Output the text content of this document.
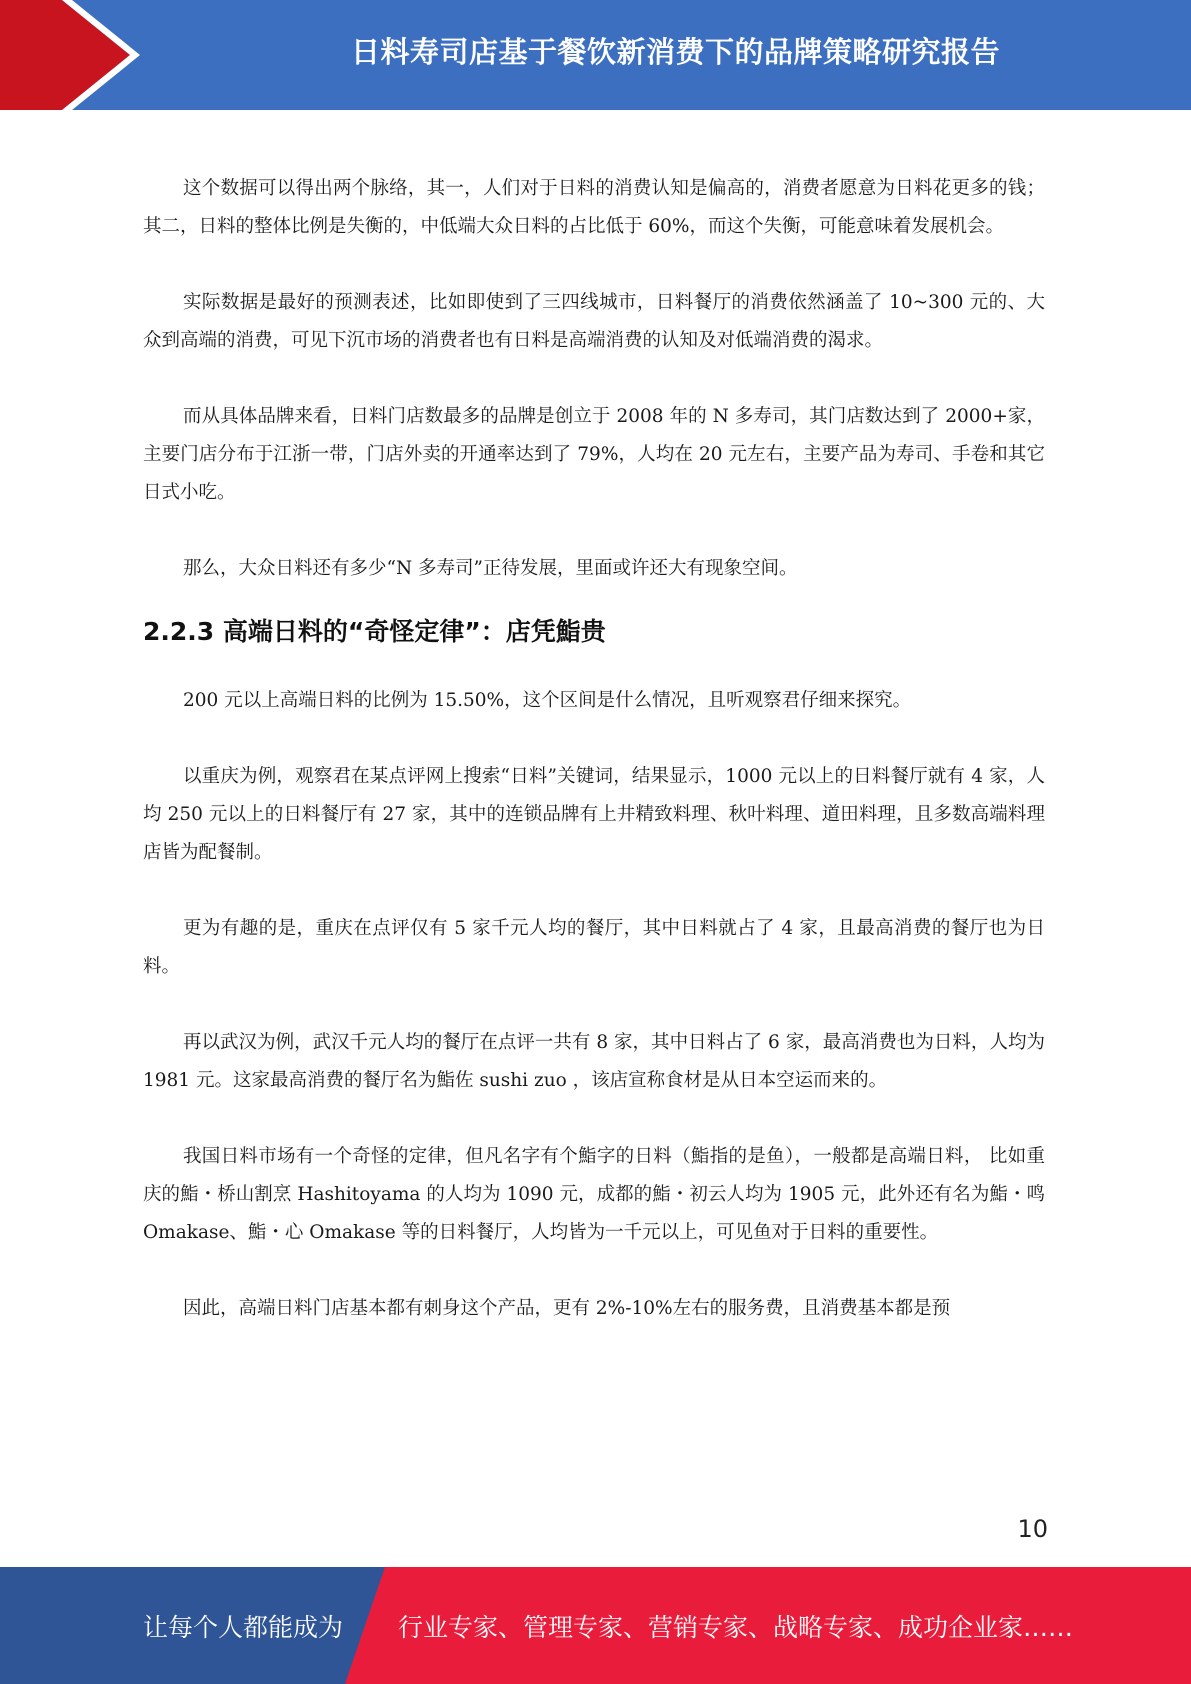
日料寿司店基于餐饮新消费下的品牌策略研究报告

这个数据可以得出两个脉络，其一，人们对于日料的消费认知是偏高的，消费者愿意为日料花更多的钱；其二，日料的整体比例是失衡的，中低端大众日料的占比低于 60%，而这个失衡，可能意味着发展机会。

实际数据是最好的预测表述，比如即使到了三四线城市，日料餐厅的消费依然涵盖了 10~300 元的、大众到高端的消费，可见下沉市场的消费者也有日料是高端消费的认知及对低端消费的渴求。

而从具体品牌来看，日料门店数最多的品牌是创立于 2008 年的 N 多寿司，其门店数达到了 2000+家，主要门店分布于江浙一带，门店外卖的开通率达到了 79%，人均在 20 元左右，主要产品为寿司、手卷和其它日式小吃。

那么，大众日料还有多少“N 多寿司”正待发展，里面或许还大有现象空间。

2.2.3 高端日料的“奇怪定律”：店凭鮨贵

200 元以上高端日料的比例为 15.50%，这个区间是什么情况，且听观察君仔细来探究。

以重庆为例，观察君在某点评网上搜索“日料”关键词，结果显示，1000 元以上的日料餐厅就有 4 家，人均 250 元以上的日料餐厅有 27 家，其中的连锁品牌有上井精致料理、秋叶料理、道田料理，且多数高端料理店皆为配餐制。

更为有趣的是，重庆在点评仅有 5 家千元人均的餐厅，其中日料就占了 4 家，且最高消费的餐厅也为日料。

再以武汉为例，武汉千元人均的餐厅在点评一共有 8 家，其中日料占了 6 家，最高消费也为日料，人均为 1981 元。这家最高消费的餐厅名为鮨佐 sushi zuo ，该店宣称食材是从日本空运而来的。

我国日料市场有一个奇怪的定律，但凡名字有个鮨字的日料（鮨指的是鱼），一般都是高端日料， 比如重庆的鮨・桥山割烹 Hashitoyama 的人均为 1090 元，成都的鮨・初云人均为 1905 元，此外还有名为鮨・鸣 Omakase、鮨・心 Omakase 等的日料餐厅，人均皆为一千元以上，可见鱼对于日料的重要性。

因此，高端日料门店基本都有刺身这个产品，更有 2%-10%左右的服务费，且消费基本都是预

10
让每个人都能成为 行业专家、管理专家、营销专家、战略专家、成功企业家……
